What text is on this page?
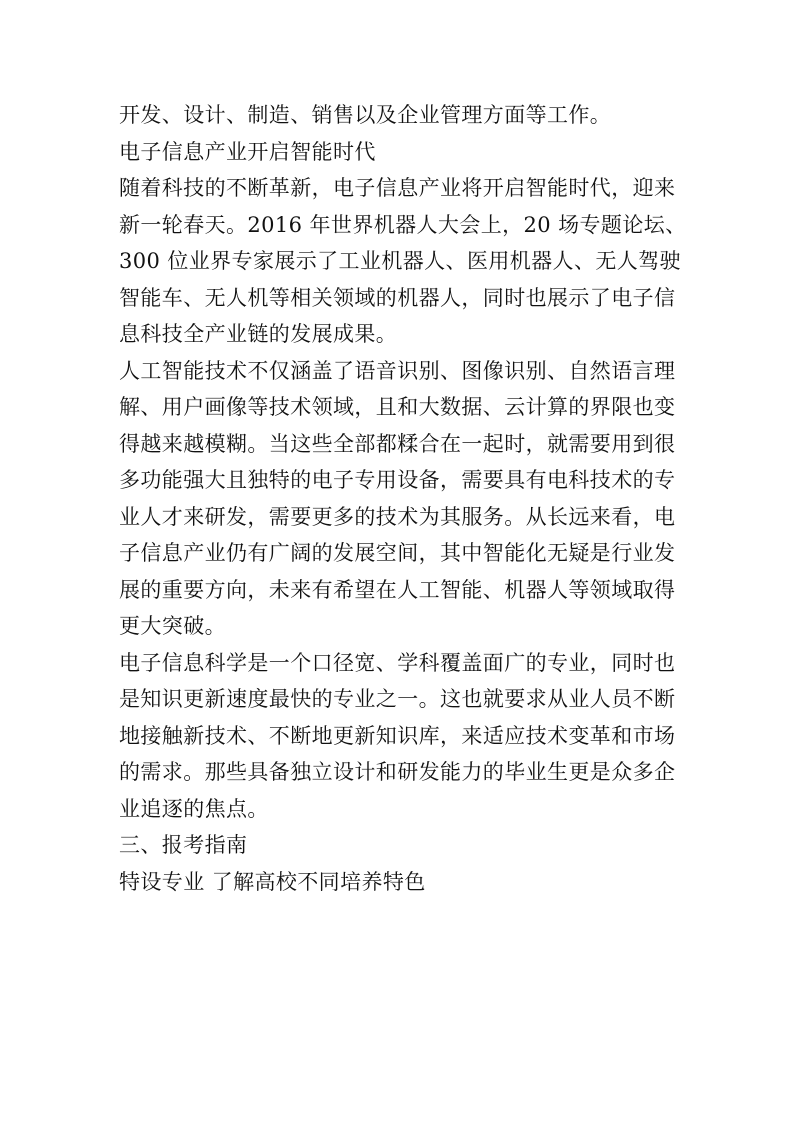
开发、设计、制造、销售以及企业管理方面等工作。

电子信息产业开启智能时代

随着科技的不断革新，电子信息产业将开启智能时代，迎来
新一轮春天。2016 年世界机器人大会上，20 场专题论坛、
300 位业界专家展示了工业机器人、医用机器人、无人驾驶
智能车、无人机等相关领域的机器人，同时也展示了电子信
息科技全产业链的发展成果。

人工智能技术不仅涵盖了语音识别、图像识别、自然语言理
解、用户画像等技术领域，且和大数据、云计算的界限也变
得越来越模糊。当这些全部都糅合在一起时，就需要用到很
多功能强大且独特的电子专用设备，需要具有电科技术的专
业人才来研发，需要更多的技术为其服务。从长远来看，电
子信息产业仍有广阔的发展空间，其中智能化无疑是行业发
展的重要方向，未来有希望在人工智能、机器人等领域取得
更大突破。

电子信息科学是一个口径宽、学科覆盖面广的专业，同时也
是知识更新速度最快的专业之一。这也就要求从业人员不断
地接触新技术、不断地更新知识库，来适应技术变革和市场
的需求。那些具备独立设计和研发能力的毕业生更是众多企
业追逐的焦点。

三、报考指南

特设专业 了解高校不同培养特色
